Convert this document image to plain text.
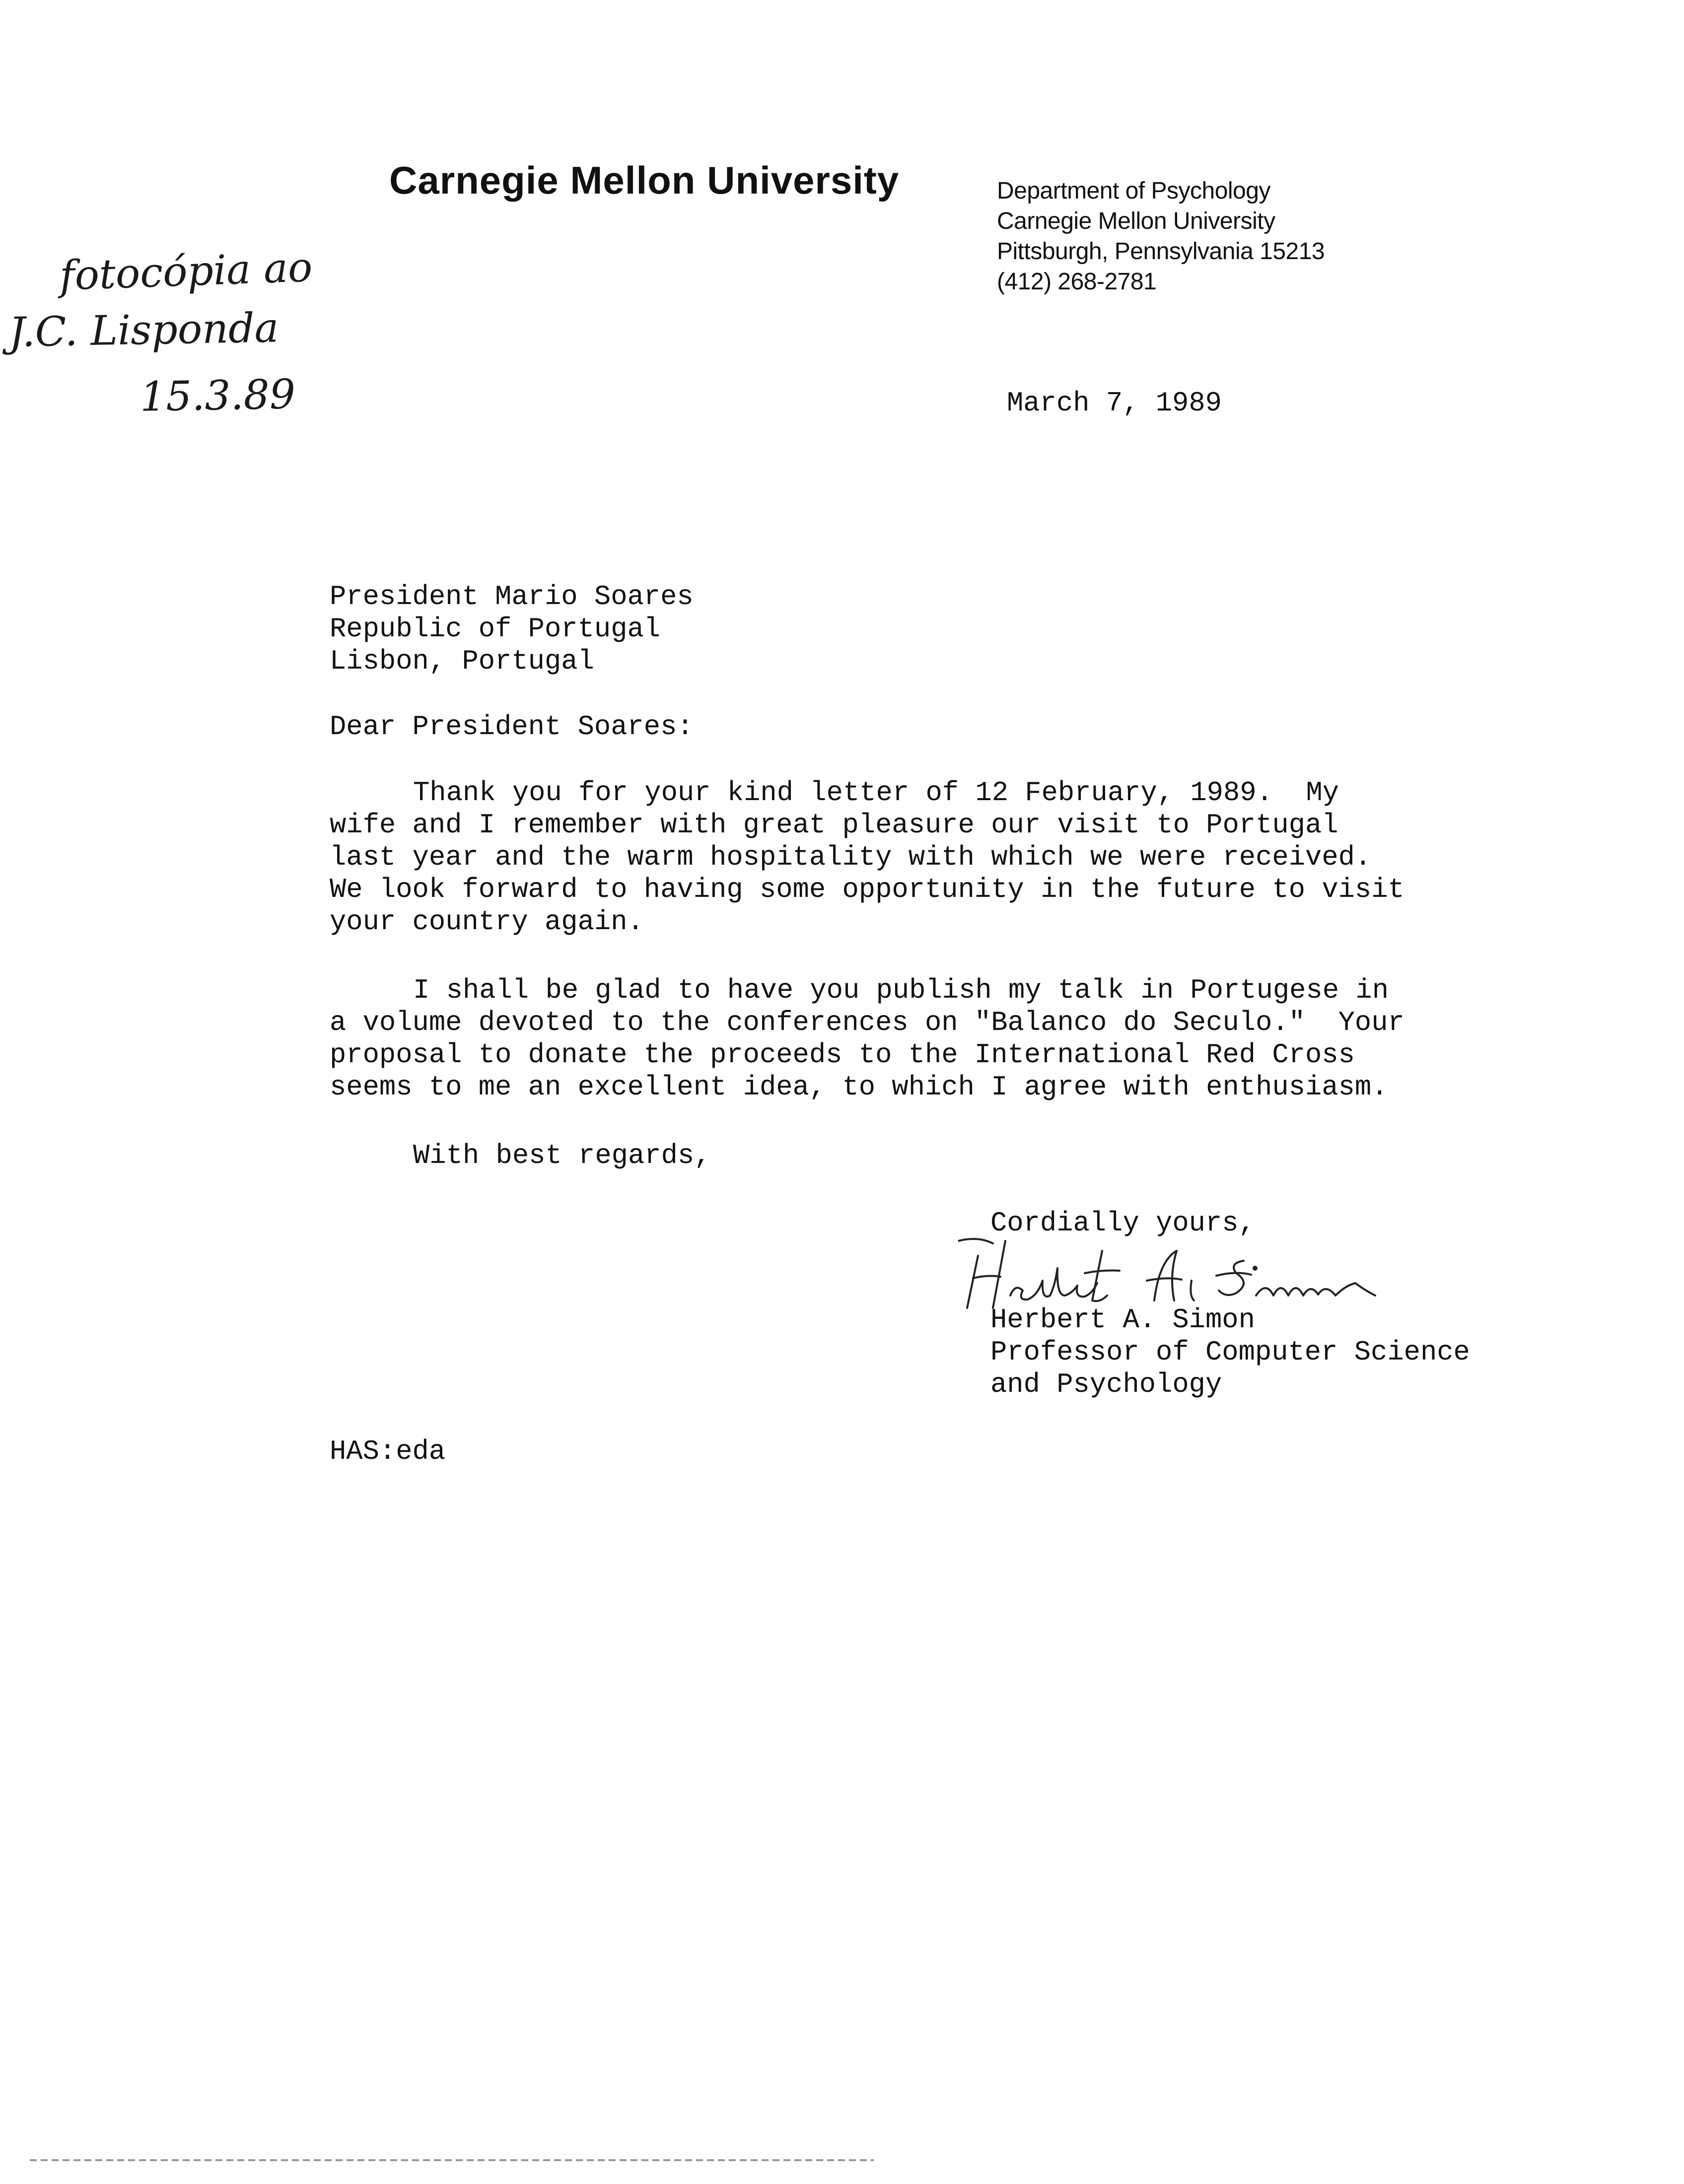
Carnegie Mellon University	Department of Psychology
Carnegie Mellon University
Pittsburgh, Pennsylvania 15213
(412) 268-2781
fotocópia ao
J.C. Lisponda
15.3.89	March 7, 1989
President Mario Soares
Republic of Portugal
Lisbon, Portugal
Dear President Soares:
Thank you for your kind letter of 12 February, 1989.  My
wife and I remember with great pleasure our visit to Portugal
last year and the warm hospitality with which we were received.
We look forward to having some opportunity in the future to visit
your country again.
I shall be glad to have you publish my talk in Portugese in
a volume devoted to the conferences on "Balanco do Seculo."  Your
proposal to donate the proceeds to the International Red Cross
seems to me an excellent idea, to which I agree with enthusiasm.
With best regards,
Cordially yours,
Herbert A. Simon
Professor of Computer Science
and Psychology
HAS:eda
